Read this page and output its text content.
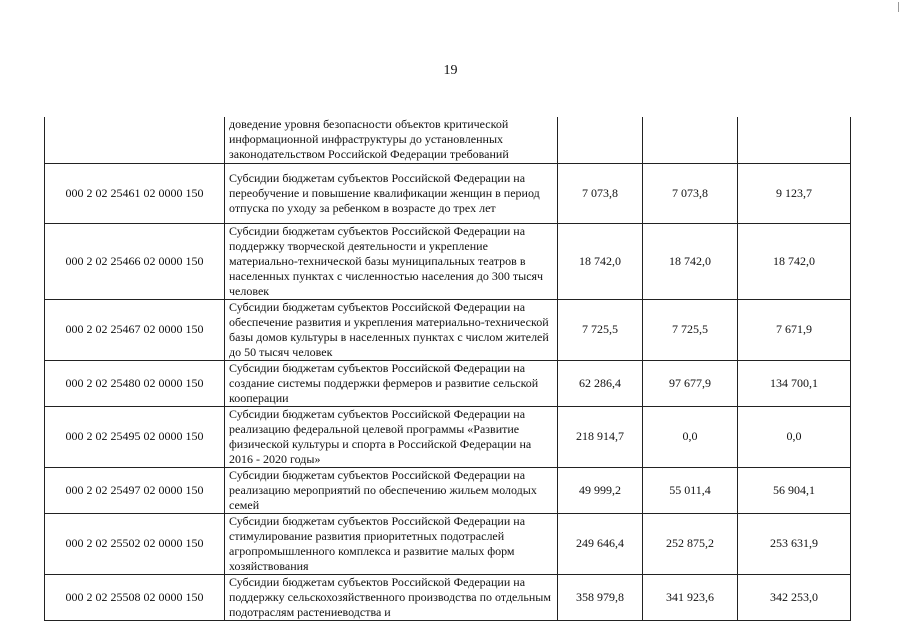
19
	доведение уровня безопасности объектов критической информационной инфраструктуры до установленных законодательством Российской Федерации требований			
000 2 02 25461 02 0000 150	Субсидии бюджетам субъектов Российской Федерации на переобучение и повышение квалификации женщин в период отпуска по уходу за ребенком в возрасте до трех лет	7 073,8	7 073,8	9 123,7
000 2 02 25466 02 0000 150	Субсидии бюджетам субъектов Российской Федерации на поддержку творческой деятельности и укрепление материально-технической базы муниципальных театров в населенных пунктах с численностью населения до 300 тысяч человек	18 742,0	18 742,0	18 742,0
000 2 02 25467 02 0000 150	Субсидии бюджетам субъектов Российской Федерации на обеспечение развития и укрепления материально-технической базы домов культуры в населенных пунктах с числом жителей до 50 тысяч человек	7 725,5	7 725,5	7 671,9
000 2 02 25480 02 0000 150	Субсидии бюджетам субъектов Российской Федерации на создание системы поддержки фермеров и развитие сельской кооперации	62 286,4	97 677,9	134 700,1
000 2 02 25495 02 0000 150	Субсидии бюджетам субъектов Российской Федерации на реализацию федеральной целевой программы «Развитие физической культуры и спорта в Российской Федерации на 2016 - 2020 годы»	218 914,7	0,0	0,0
000 2 02 25497 02 0000 150	Субсидии бюджетам субъектов Российской Федерации на реализацию мероприятий по обеспечению жильем молодых семей	49 999,2	55 011,4	56 904,1
000 2 02 25502 02 0000 150	Субсидии бюджетам субъектов Российской Федерации на стимулирование развития приоритетных подотраслей агропромышленного комплекса и развитие малых форм хозяйствования	249 646,4	252 875,2	253 631,9
000 2 02 25508 02 0000 150	Субсидии бюджетам субъектов Российской Федерации на поддержку сельскохозяйственного производства по отдельным подотраслям растениеводства и	358 979,8	341 923,6	342 253,0
